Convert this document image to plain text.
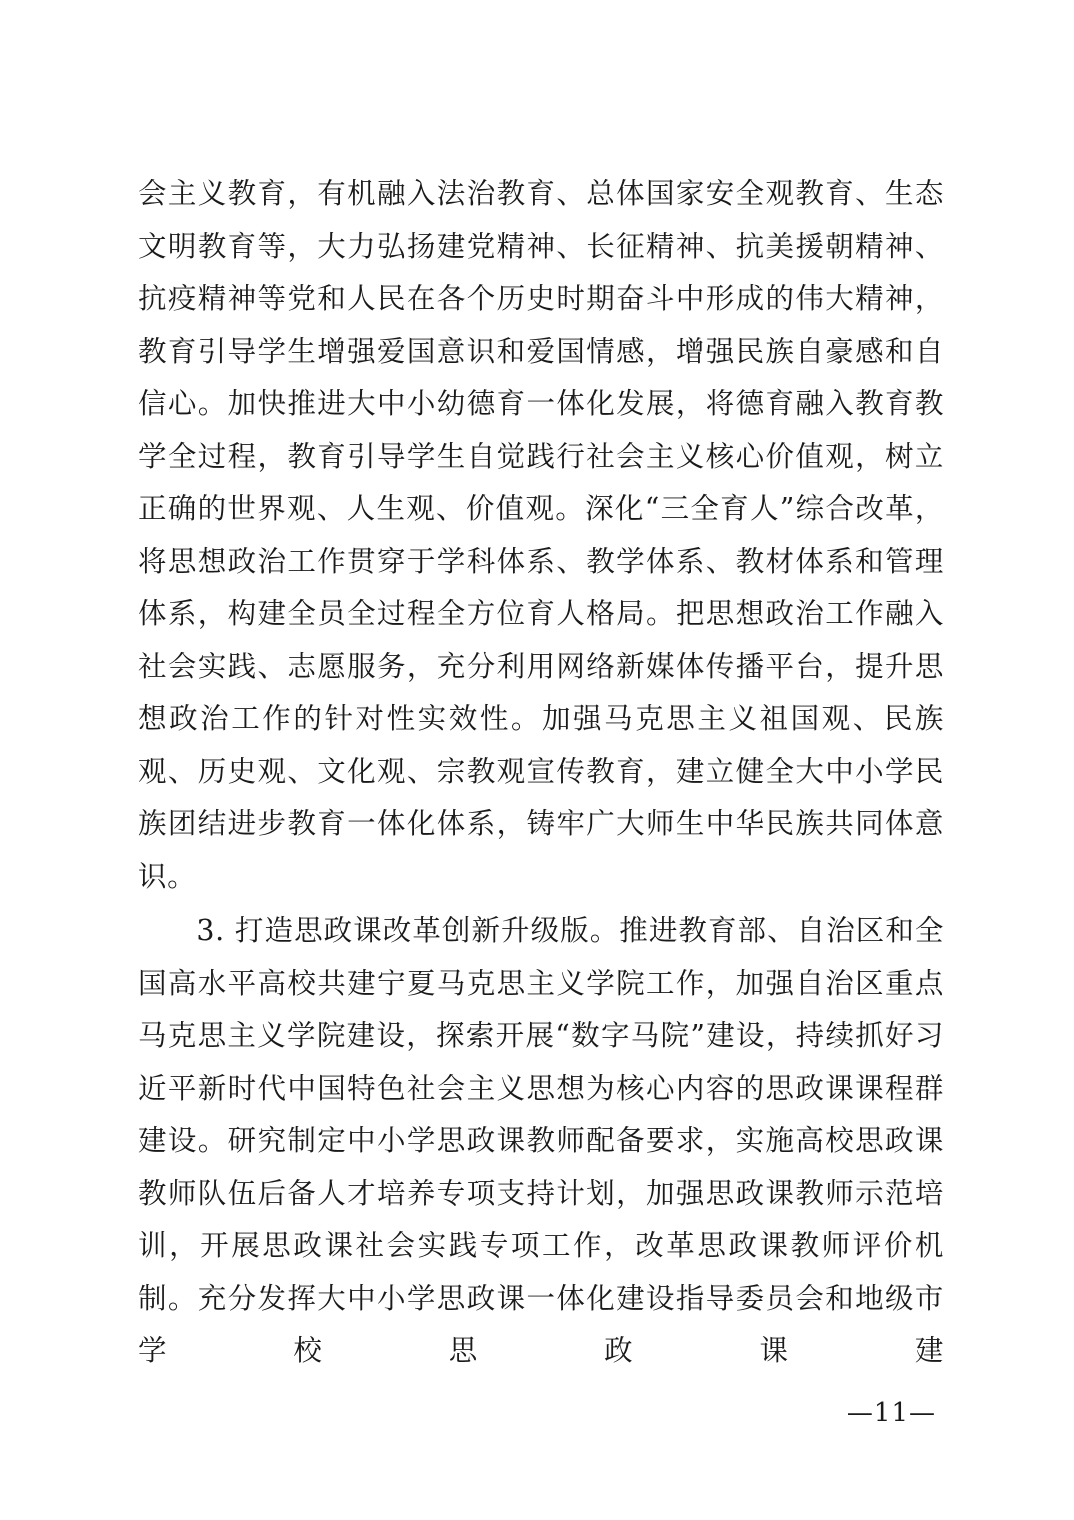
会主义教育，有机融入法治教育、总体国家安全观教育、生态文明教育等，大力弘扬建党精神、长征精神、抗美援朝精神、抗疫精神等党和人民在各个历史时期奋斗中形成的伟大精神，教育引导学生增强爱国意识和爱国情感，增强民族自豪感和自信心。加快推进大中小幼德育一体化发展，将德育融入教育教学全过程，教育引导学生自觉践行社会主义核心价值观，树立正确的世界观、人生观、价值观。深化“三全育人”综合改革，将思想政治工作贯穿于学科体系、教学体系、教材体系和管理体系，构建全员全过程全方位育人格局。把思想政治工作融入社会实践、志愿服务，充分利用网络新媒体传播平台，提升思想政治工作的针对性实效性。加强马克思主义祖国观、民族观、历史观、文化观、宗教观宣传教育，建立健全大中小学民族团结进步教育一体化体系，铸牢广大师生中华民族共同体意识。

3. 打造思政课改革创新升级版。推进教育部、自治区和全国高水平高校共建宁夏马克思主义学院工作，加强自治区重点马克思主义学院建设，探索开展“数字马院”建设，持续抓好习近平新时代中国特色社会主义思想为核心内容的思政课课程群建设。研究制定中小学思政课教师配备要求，实施高校思政课教师队伍后备人才培养专项支持计划，加强思政课教师示范培训，开展思政课社会实践专项工作，改革思政课教师评价机制。充分发挥大中小学思政课一体化建设指导委员会和地级市学校思政课建

—11—
